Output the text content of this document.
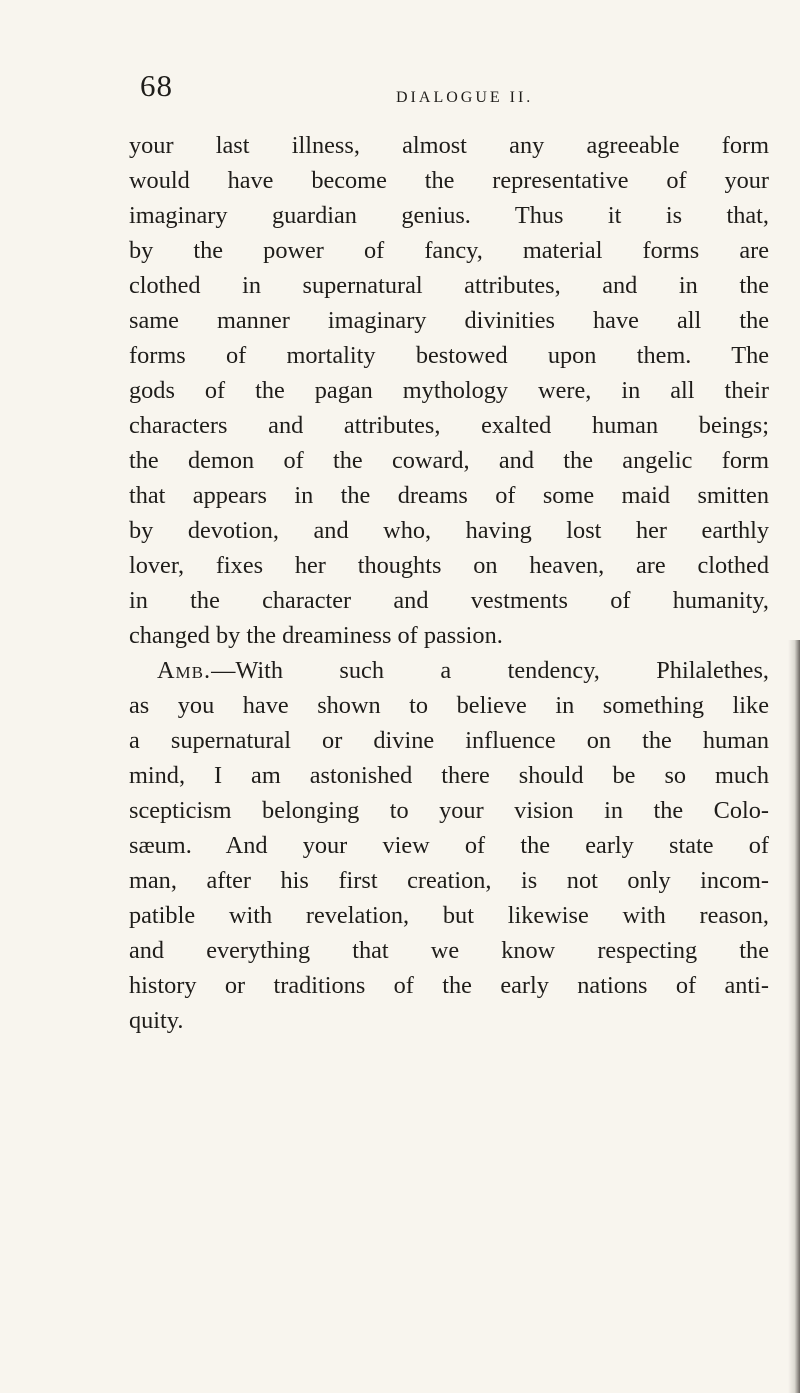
68	DIALOGUE II.
your last illness, almost any agreeable form
would have become the representative of your
imaginary guardian genius. Thus it is that,
by the power of fancy, material forms are
clothed in supernatural attributes, and in the
same manner imaginary divinities have all the
forms of mortality bestowed upon them. The
gods of the pagan mythology were, in all their
characters and attributes, exalted human beings;
the demon of the coward, and the angelic form
that appears in the dreams of some maid smitten
by devotion, and who, having lost her earthly
lover, fixes her thoughts on heaven, are clothed
in the character and vestments of humanity,
changed by the dreaminess of passion.
Amb.—With such a tendency, Philalethes,
as you have shown to believe in something like
a supernatural or divine influence on the human
mind, I am astonished there should be so much
scepticism belonging to your vision in the Colo-
sæum. And your view of the early state of
man, after his first creation, is not only incom-
patible with revelation, but likewise with reason,
and everything that we know respecting the
history or traditions of the early nations of anti-
quity.
